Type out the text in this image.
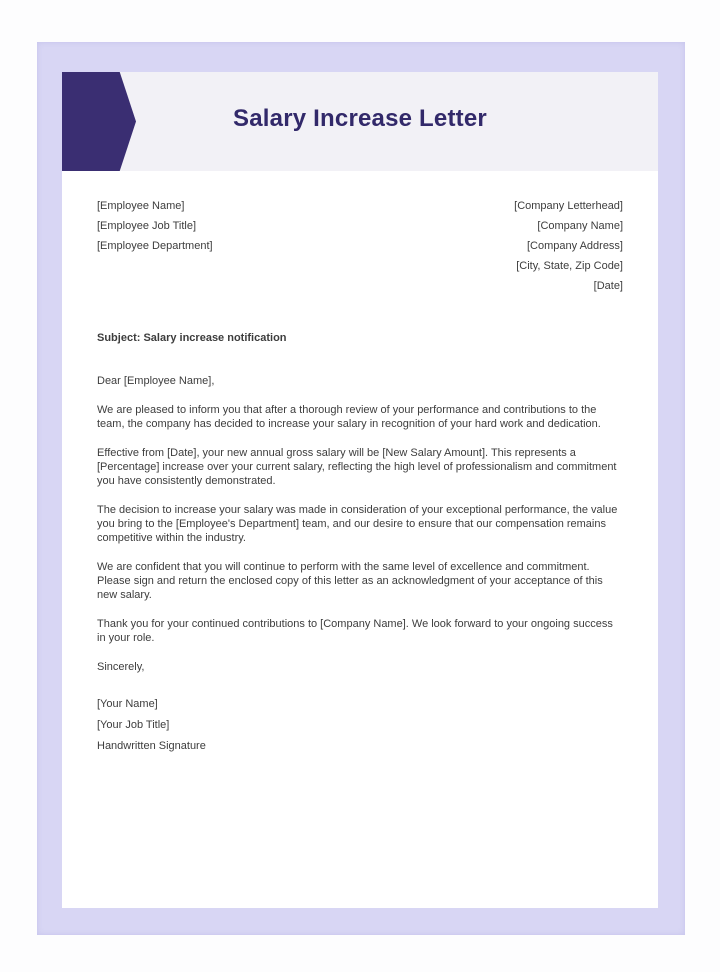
Salary Increase Letter
[Employee Name]
[Employee Job Title]
[Employee Department]
[Company Letterhead]
[Company Name]
[Company Address]
[City, State, Zip Code]
[Date]
Subject: Salary increase notification
Dear [Employee Name],
We are pleased to inform you that after a thorough review of your performance and contributions to the
team, the company has decided to increase your salary in recognition of your hard work and dedication.
Effective from [Date], your new annual gross salary will be [New Salary Amount]. This represents a
[Percentage] increase over your current salary, reflecting the high level of professionalism and commitment
you have consistently demonstrated.
The decision to increase your salary was made in consideration of your exceptional performance, the value
you bring to the [Employee's Department] team, and our desire to ensure that our compensation remains
competitive within the industry.
We are confident that you will continue to perform with the same level of excellence and commitment.
Please sign and return the enclosed copy of this letter as an acknowledgment of your acceptance of this
new salary.
Thank you for your continued contributions to [Company Name]. We look forward to your ongoing success
in your role.
Sincerely,
[Your Name]
[Your Job Title]
Handwritten Signature
